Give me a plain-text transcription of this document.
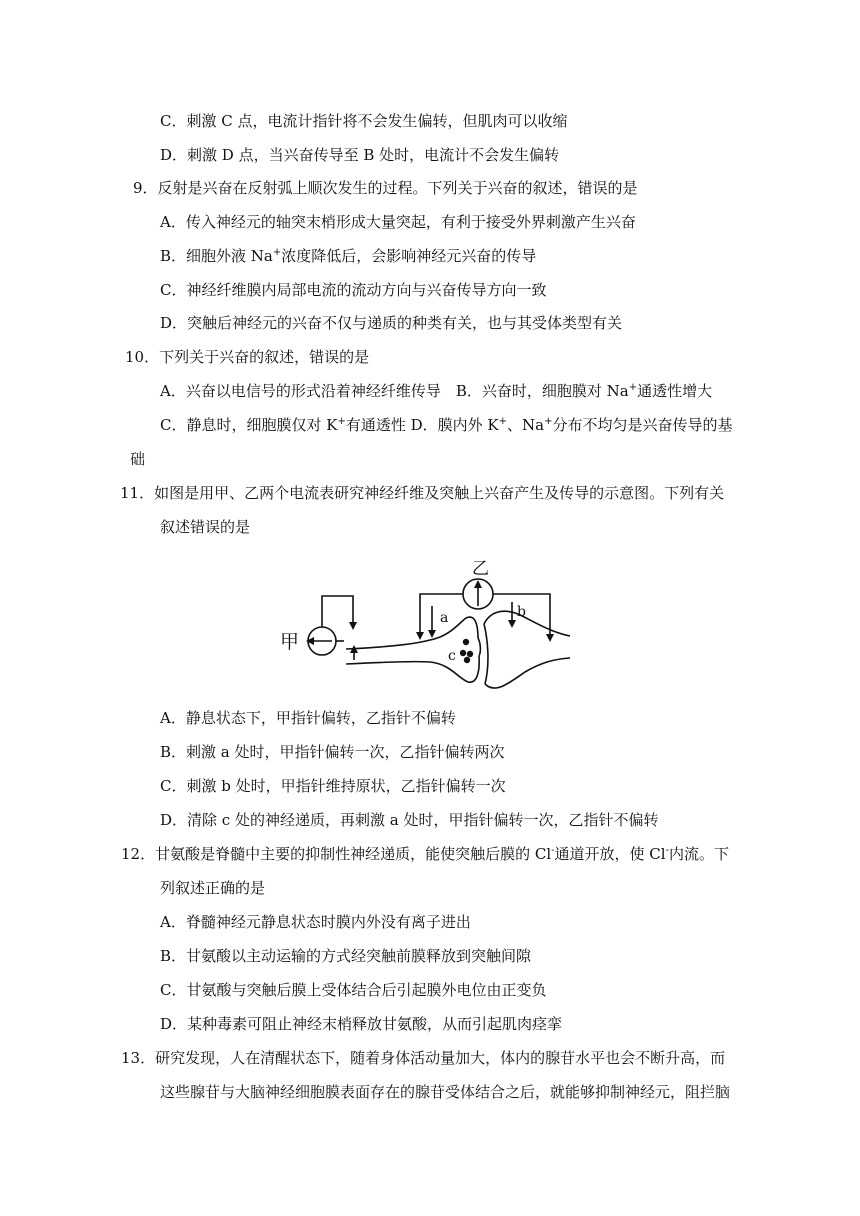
C．刺激 C 点，电流计指针将不会发生偏转，但肌肉可以收缩
D．刺激 D 点，当兴奋传导至 B 处时，电流计不会发生偏转
9．反射是兴奋在反射弧上顺次发生的过程。下列关于兴奋的叙述，错误的是
A．传入神经元的轴突末梢形成大量突起，有利于接受外界刺激产生兴奋
B．细胞外液 Na+浓度降低后，会影响神经元兴奋的传导
C．神经纤维膜内局部电流的流动方向与兴奋传导方向一致
D．突触后神经元的兴奋不仅与递质的种类有关，也与其受体类型有关
10．下列关于兴奋的叙述，错误的是
A．兴奋以电信号的形式沿着神经纤维传导　B．兴奋时，细胞膜对 Na+通透性增大
C．静息时，细胞膜仅对 K+有通透性 D．膜内外 K+、Na+分布不均匀是兴奋传导的基
础
11．如图是用甲、乙两个电流表研究神经纤维及突触上兴奋产生及传导的示意图。下列有关
叙述错误的是
甲
乙
a	b
c
A．静息状态下，甲指针偏转，乙指针不偏转
B．刺激 a 处时，甲指针偏转一次，乙指针偏转两次
C．刺激 b 处时，甲指针维持原状，乙指针偏转一次
D．清除 c 处的神经递质，再刺激 a 处时，甲指针偏转一次，乙指针不偏转
12．甘氨酸是脊髓中主要的抑制性神经递质，能使突触后膜的 Cl-通道开放，使 Cl-内流。下
列叙述正确的是
A．脊髓神经元静息状态时膜内外没有离子进出
B．甘氨酸以主动运输的方式经突触前膜释放到突触间隙
C．甘氨酸与突触后膜上受体结合后引起膜外电位由正变负
D．某种毒素可阻止神经末梢释放甘氨酸，从而引起肌肉痉挛
13．研究发现，人在清醒状态下，随着身体活动量加大，体内的腺苷水平也会不断升高，而
这些腺苷与大脑神经细胞膜表面存在的腺苷受体结合之后，就能够抑制神经元，阻拦脑
